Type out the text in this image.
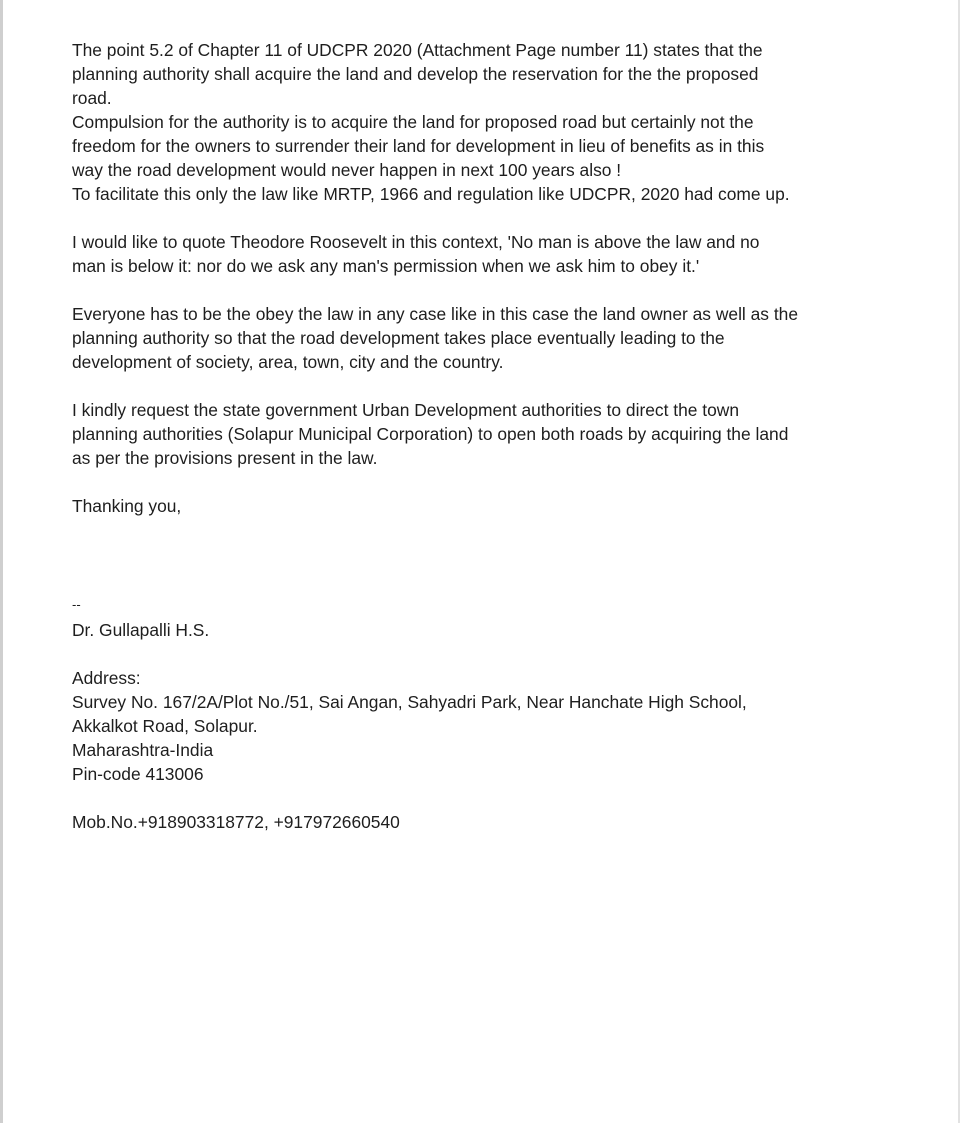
The point 5.2 of Chapter 11 of UDCPR 2020 (Attachment Page number 11) states that the
planning authority shall acquire the land and develop the reservation for the the proposed
road.
Compulsion for the authority is to acquire the land for proposed road but certainly not the
freedom for the owners to surrender their land for development in lieu of benefits as in this
way the road development would never happen in next 100 years also !
To facilitate this only the law like MRTP, 1966 and regulation like UDCPR, 2020 had come up.
I would like to quote Theodore Roosevelt in this context, 'No man is above the law and no
man is below it: nor do we ask any man's permission when we ask him to obey it.'
Everyone has to be the obey the law in any case like in this case the land owner as well as the
planning authority so that the road development takes place eventually leading to the
development of society, area, town, city and the country.
I kindly request the state government Urban Development authorities to direct the town
planning authorities (Solapur Municipal Corporation) to open both roads by acquiring the land
as per the provisions present in the law.
Thanking you,
--
Dr. Gullapalli H.S.
Address:
Survey No. 167/2A/Plot No./51, Sai Angan, Sahyadri Park, Near Hanchate High School,
Akkalkot Road, Solapur.
Maharashtra-India
Pin-code 413006
Mob.No.+918903318772, +917972660540
